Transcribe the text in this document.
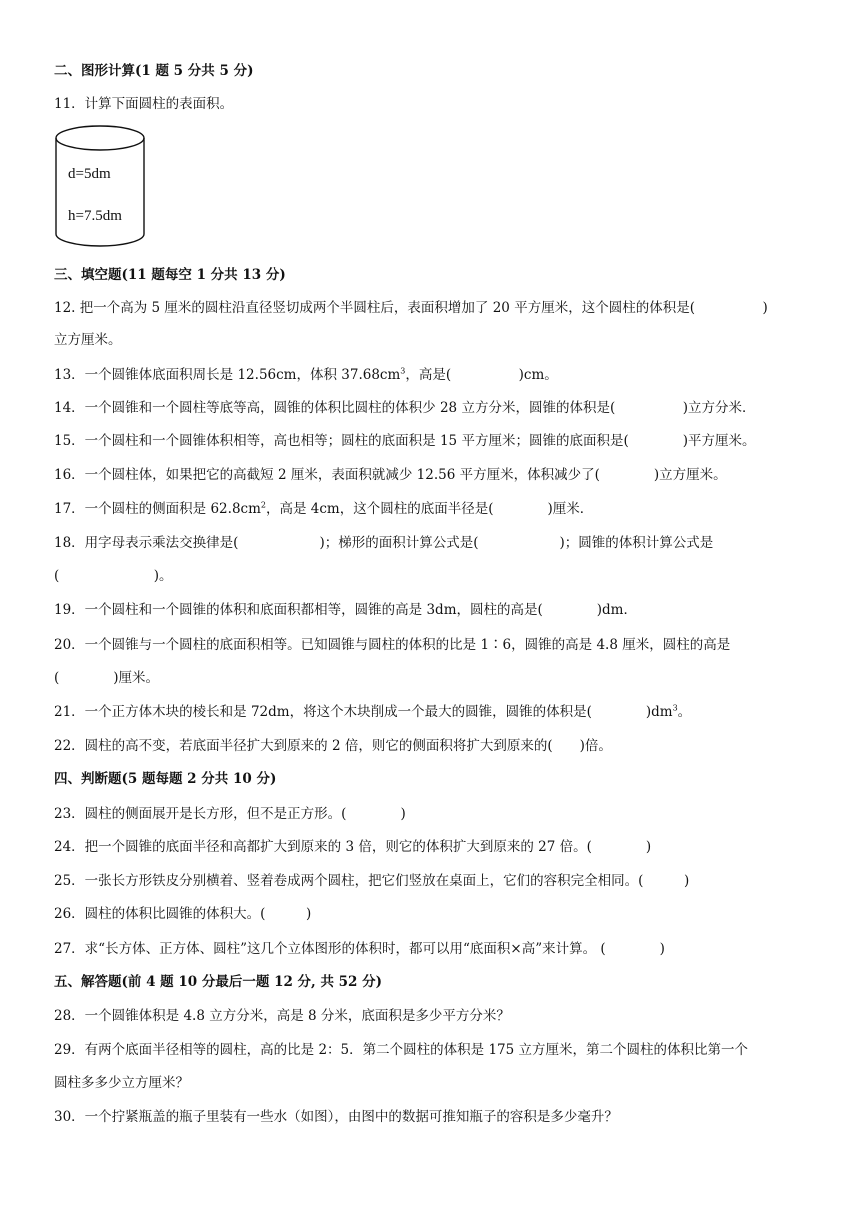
二、图形计算(1 题 5 分共 5 分)
11．计算下面圆柱的表面积。
d=5dm
h=7.5dm
三、填空题(11 题每空 1 分共 13 分)
12. 把一个高为 5 厘米的圆柱沿直径竖切成两个半圆柱后，表面积增加了 20 平方厘米，这个圆柱的体积是(　　　　　)
立方厘米。
13．一个圆锥体底面积周长是 12.56cm，体积 $37.68cm^3$，高是(　　　　　)cm。
14．一个圆锥和一个圆柱等底等高，圆锥的体积比圆柱的体积少 28 立方分米，圆锥的体积是(　　　　　)立方分米．
15．一个圆柱和一个圆锥体积相等，高也相等；圆柱的底面积是 15 平方厘米；圆锥的底面积是(　　　　)平方厘米。
16．一个圆柱体，如果把它的高截短 2 厘米，表面积就减少 12.56 平方厘米，体积减少了(　　　　)立方厘米。
17．一个圆柱的侧面积是 $62.8cm^2$，高是 4cm，这个圆柱的底面半径是(　　　　)厘米．
18．用字母表示乘法交换律是(　　　　　　)；梯形的面积计算公式是(　　　　　　)；圆锥的体积计算公式是
(　　　　　　　)。
19．一个圆柱和一个圆锥的体积和底面积都相等，圆锥的高是 3dm，圆柱的高是(　　　　)dm．
20．一个圆锥与一个圆柱的底面积相等。已知圆锥与圆柱的体积的比是 1∶6，圆锥的高是 4.8 厘米，圆柱的高是
(　　　　)厘米。
21．一个正方体木块的棱长和是 72dm，将这个木块削成一个最大的圆锥，圆锥的体积是(　　　　)$dm^3$。
22．圆柱的高不变，若底面半径扩大到原来的 2 倍，则它的侧面积将扩大到原来的(　　)倍。
四、判断题(5 题每题 2 分共 10 分)
23．圆柱的侧面展开是长方形，但不是正方形。(　　　　)
24．把一个圆锥的底面半径和高都扩大到原来的 3 倍，则它的体积扩大到原来的 27 倍。(　　　　)
25．一张长方形铁皮分别横着、竖着卷成两个圆柱，把它们竖放在桌面上，它们的容积完全相同。(　　　)
26．圆柱的体积比圆锥的体积大。(　　　)
27．求“长方体、正方体、圆柱”这几个立体图形的体积时，都可以用“底面积×高”来计算。 (　　　　)
五、解答题(前 4 题 10 分最后一题 12 分, 共 52 分)
28．一个圆锥体积是 4.8 立方分米，高是 8 分米，底面积是多少平方分米？
29．有两个底面半径相等的圆柱，高的比是 2：5．第二个圆柱的体积是 175 立方厘米，第二个圆柱的体积比第一个
圆柱多多少立方厘米？
30．一个拧紧瓶盖的瓶子里装有一些水（如图），由图中的数据可推知瓶子的容积是多少毫升？
